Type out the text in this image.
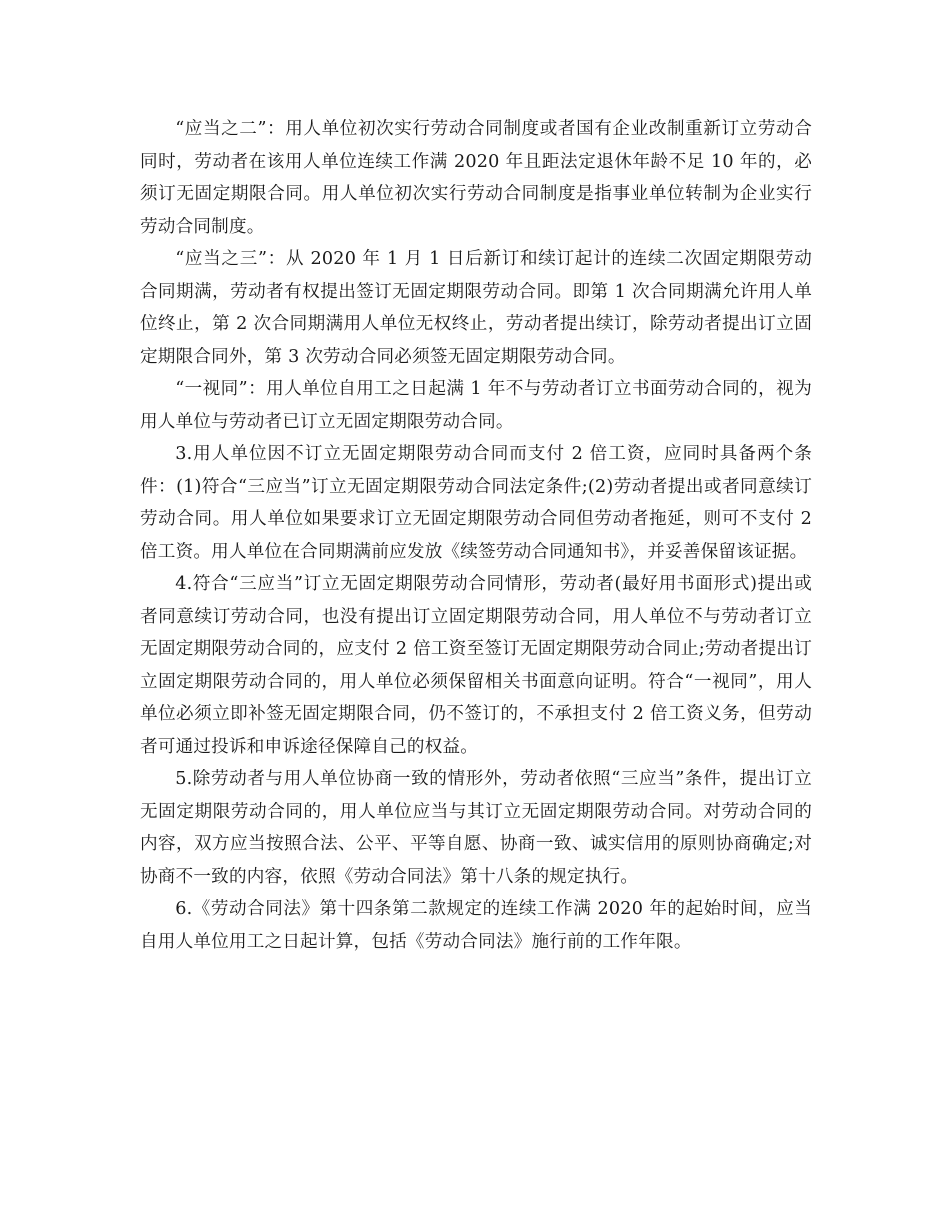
“应当之二”：用人单位初次实行劳动合同制度或者国有企业改制重新订立劳动合同时，劳动者在该用人单位连续工作满 2020 年且距法定退休年龄不足 10 年的，必须订无固定期限合同。用人单位初次实行劳动合同制度是指事业单位转制为企业实行劳动合同制度。

“应当之三”：从 2020 年 1 月 1 日后新订和续订起计的连续二次固定期限劳动合同期满，劳动者有权提出签订无固定期限劳动合同。即第 1 次合同期满允许用人单位终止，第 2 次合同期满用人单位无权终止，劳动者提出续订，除劳动者提出订立固定期限合同外，第 3 次劳动合同必须签无固定期限劳动合同。

“一视同”：用人单位自用工之日起满 1 年不与劳动者订立书面劳动合同的，视为用人单位与劳动者已订立无固定期限劳动合同。

3.用人单位因不订立无固定期限劳动合同而支付 2 倍工资，应同时具备两个条件：(1)符合“三应当”订立无固定期限劳动合同法定条件;(2)劳动者提出或者同意续订劳动合同。用人单位如果要求订立无固定期限劳动合同但劳动者拖延，则可不支付 2 倍工资。用人单位在合同期满前应发放《续签劳动合同通知书》，并妥善保留该证据。

4.符合“三应当”订立无固定期限劳动合同情形，劳动者(最好用书面形式)提出或者同意续订劳动合同，也没有提出订立固定期限劳动合同，用人单位不与劳动者订立无固定期限劳动合同的，应支付 2 倍工资至签订无固定期限劳动合同止;劳动者提出订立固定期限劳动合同的，用人单位必须保留相关书面意向证明。符合“一视同”，用人单位必须立即补签无固定期限合同，仍不签订的，不承担支付 2 倍工资义务，但劳动者可通过投诉和申诉途径保障自己的权益。

5.除劳动者与用人单位协商一致的情形外，劳动者依照“三应当”条件，提出订立无固定期限劳动合同的，用人单位应当与其订立无固定期限劳动合同。对劳动合同的内容，双方应当按照合法、公平、平等自愿、协商一致、诚实信用的原则协商确定;对协商不一致的内容，依照《劳动合同法》第十八条的规定执行。

6.《劳动合同法》第十四条第二款规定的连续工作满 2020 年的起始时间，应当自用人单位用工之日起计算，包括《劳动合同法》施行前的工作年限。
